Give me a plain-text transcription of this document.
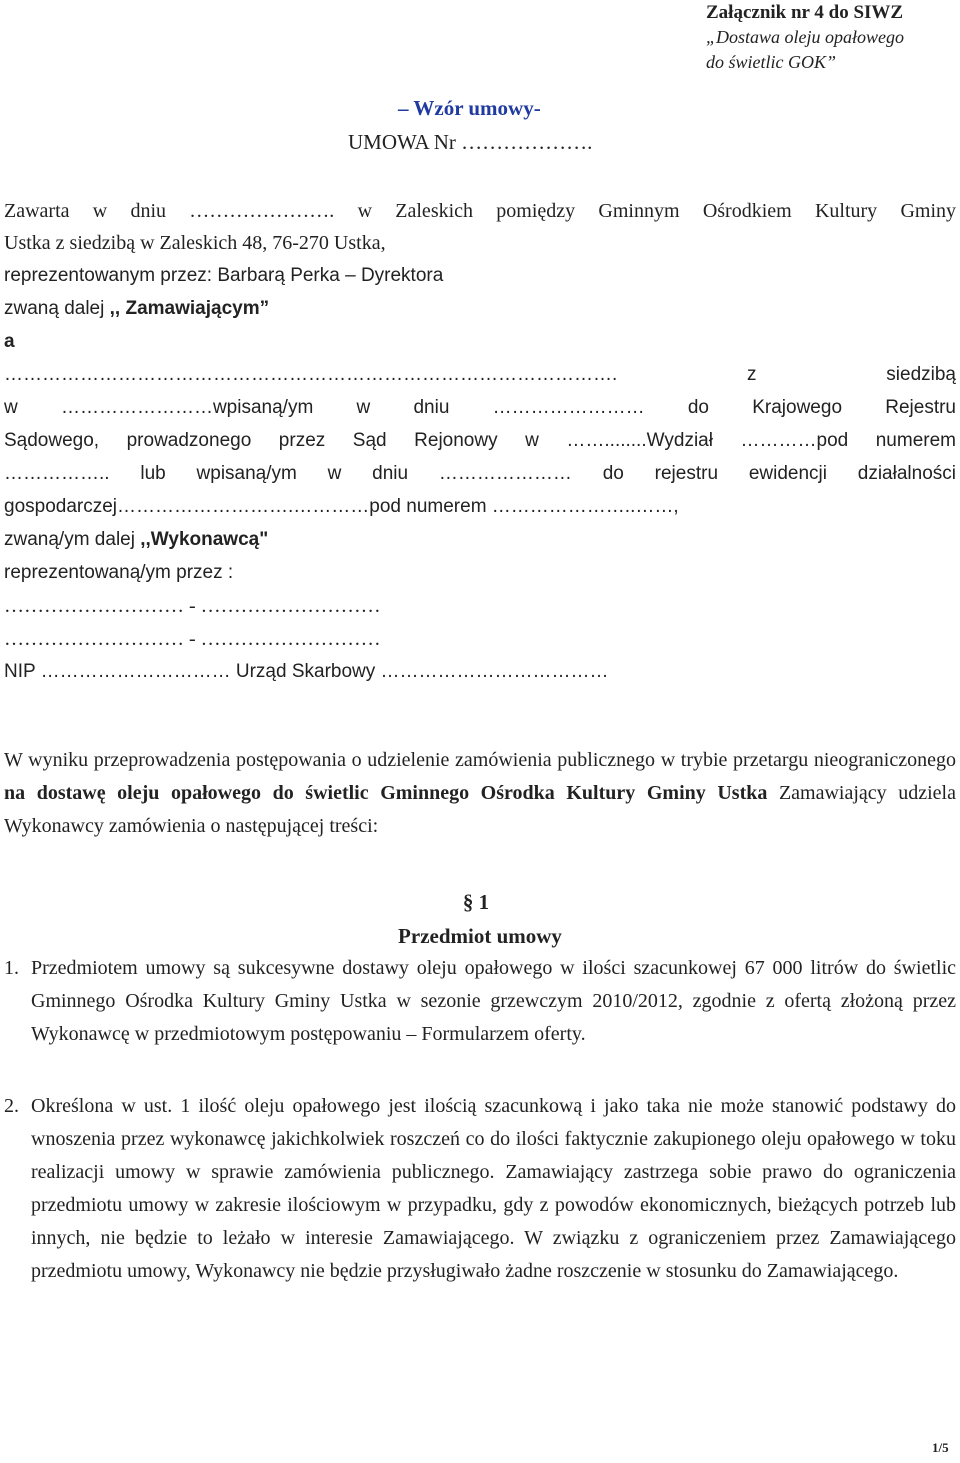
Załącznik nr 4 do SIWZ
„Dostawa oleju opałowego
do świetlic GOK”
– Wzór umowy-
UMOWA Nr ……………….
Zawarta w dniu …………………. w Zaleskich pomiędzy Gminnym Ośrodkiem Kultury Gminy
Ustka z siedzibą w Zaleskich 48, 76-270 Ustka,
reprezentowanym przez: Barbarą Perka – Dyrektora
zwaną dalej ,, Zamawiającym”
a
……………………………………………………………………………………. z siedzibą
w ……………………wpisaną/ym w dniu …………………… do Krajowego Rejestru
Sądowego, prowadzonego przez Sąd Rejonowy w ……........Wydział …………pod numerem
…………….. lub wpisaną/ym w dniu ………………… do rejestru ewidencji działalności
gospodarczej……………………….…………pod numerem …………………..……,
zwaną/ym dalej ,,Wykonawcą"
reprezentowaną/ym przez :
……………………… - ………………………
……………………… - ………………………
NIP ………………………… Urząd Skarbowy ………………………………
W wyniku przeprowadzenia postępowania o udzielenie zamówienia publicznego w trybie przetargu nieograniczonego na dostawę oleju opałowego do świetlic Gminnego Ośrodka Kultury Gminy Ustka Zamawiający udziela Wykonawcy zamówienia o następującej treści:
§ 1
Przedmiot umowy
1. Przedmiotem umowy są sukcesywne dostawy oleju opałowego w ilości szacunkowej 67 000 litrów do świetlic Gminnego Ośrodka Kultury Gminy Ustka w sezonie grzewczym 2010/2012, zgodnie z ofertą złożoną przez Wykonawcę w przedmiotowym postępowaniu – Formularzem oferty.
2. Określona w ust. 1 ilość oleju opałowego jest ilością szacunkową i jako taka nie może stanowić podstawy do wnoszenia przez wykonawcę jakichkolwiek roszczeń co do ilości faktycznie zakupionego oleju opałowego w toku realizacji umowy w sprawie zamówienia publicznego. Zamawiający zastrzega sobie prawo do ograniczenia przedmiotu umowy w zakresie ilościowym w przypadku, gdy z powodów ekonomicznych, bieżących potrzeb lub innych, nie będzie to leżało w interesie Zamawiającego. W związku z ograniczeniem przez Zamawiającego przedmiotu umowy, Wykonawcy nie będzie przysługiwało żadne roszczenie w stosunku do Zamawiającego.
1/5
